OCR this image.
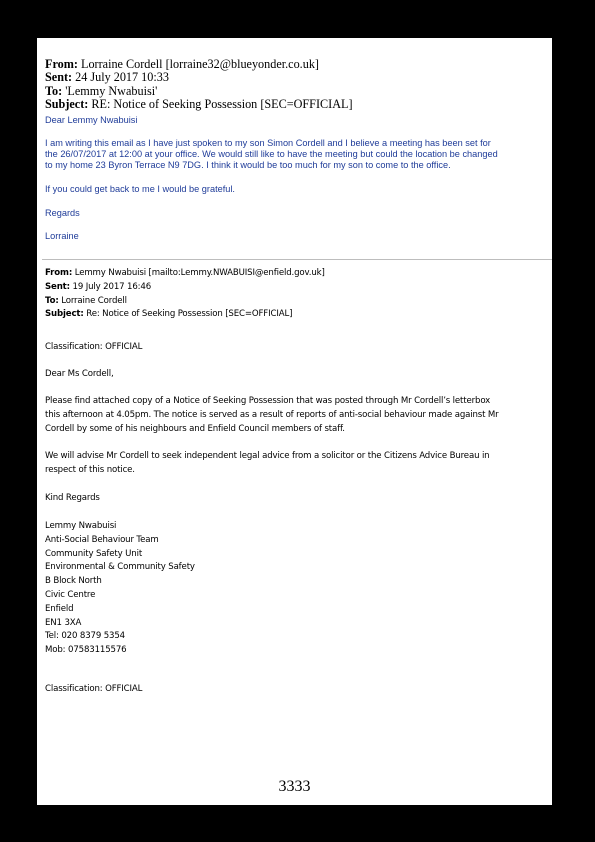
From: Lorraine Cordell [lorraine32@blueyonder.co.uk]
Sent: 24 July 2017 10:33
To: 'Lemmy Nwabuisi'
Subject: RE: Notice of Seeking Possession [SEC=OFFICIAL]
Dear Lemmy Nwabuisi
I am writing this email as I have just spoken to my son Simon Cordell and I believe a meeting has been set for
the 26/07/2017 at 12:00 at your office. We would still like to have the meeting but could the location be changed
to my home 23 Byron Terrace N9 7DG. I think it would be too much for my son to come to the office.
If you could get back to me I would be grateful.
Regards
Lorraine
From: Lemmy Nwabuisi [mailto:Lemmy.NWABUISI@enfield.gov.uk]
Sent: 19 July 2017 16:46
To: Lorraine Cordell
Subject: Re: Notice of Seeking Possession [SEC=OFFICIAL]
Classification: OFFICIAL
Dear Ms Cordell,
Please find attached copy of a Notice of Seeking Possession that was posted through Mr Cordell’s letterbox
this afternoon at 4.05pm. The notice is served as a result of reports of anti-social behaviour made against Mr
Cordell by some of his neighbours and Enfield Council members of staff.
We will advise Mr Cordell to seek independent legal advice from a solicitor or the Citizens Advice Bureau in
respect of this notice.
Kind Regards
Lemmy Nwabuisi
Anti-Social Behaviour Team
Community Safety Unit
Environmental & Community Safety
B Block North
Civic Centre
Enfield
EN1 3XA
Tel: 020 8379 5354
Mob: 07583115576
Classification: OFFICIAL
3333
